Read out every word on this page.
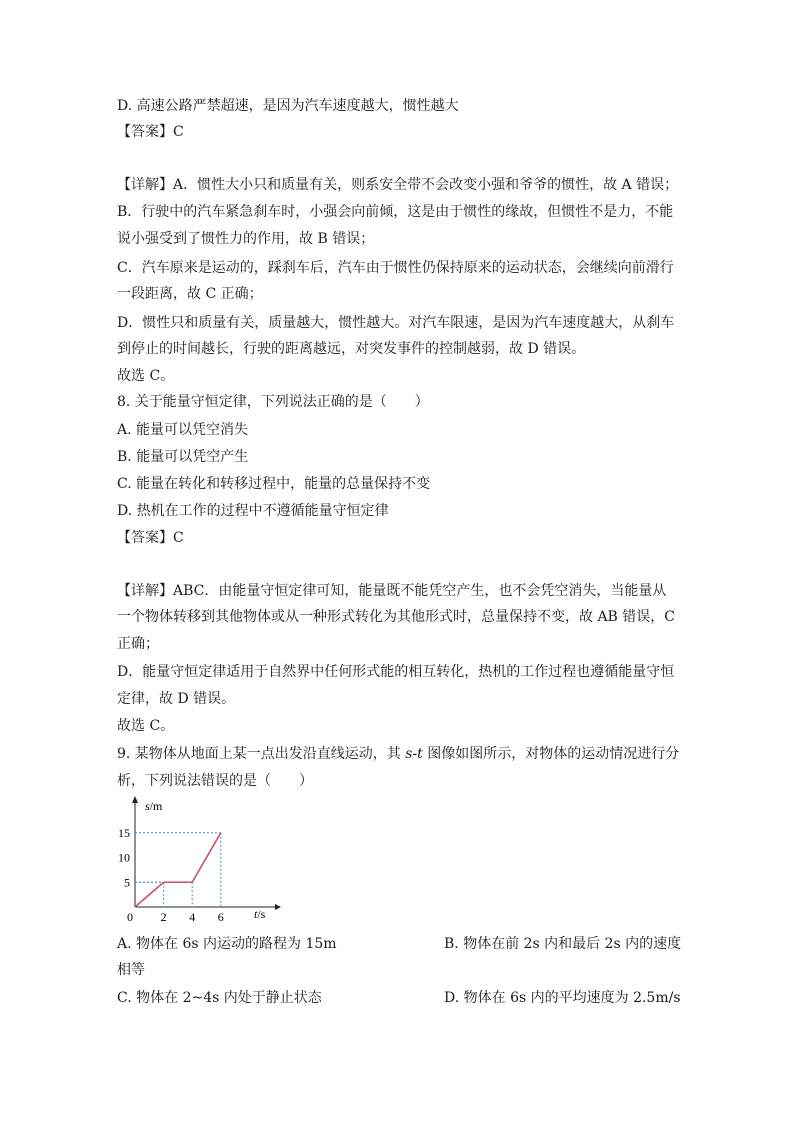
D. 高速公路严禁超速，是因为汽车速度越大，惯性越大
【答案】C
【详解】A．惯性大小只和质量有关，则系安全带不会改变小强和爷爷的惯性，故 A 错误；
B．行驶中的汽车紧急刹车时，小强会向前倾，这是由于惯性的缘故，但惯性不是力，不能
说小强受到了惯性力的作用，故 B 错误；
C．汽车原来是运动的，踩刹车后，汽车由于惯性仍保持原来的运动状态，会继续向前滑行
一段距离，故 C 正确；
D．惯性只和质量有关，质量越大，惯性越大。对汽车限速，是因为汽车速度越大，从刹车
到停止的时间越长，行驶的距离越远，对突发事件的控制越弱，故 D 错误。
故选 C。
8. 关于能量守恒定律，下列说法正确的是（　　）
A. 能量可以凭空消失
B. 能量可以凭空产生
C. 能量在转化和转移过程中，能量的总量保持不变
D. 热机在工作的过程中不遵循能量守恒定律
【答案】C
【详解】ABC．由能量守恒定律可知，能量既不能凭空产生，也不会凭空消失，当能量从
一个物体转移到其他物体或从一种形式转化为其他形式时，总量保持不变，故 AB 错误，C
正确；
D．能量守恒定律适用于自然界中任何形式能的相互转化，热机的工作过程也遵循能量守恒
定律，故 D 错误。
故选 C。
9. 某物体从地面上某一点出发沿直线运动，其 s-t 图像如图所示，对物体的运动情况进行分
析，下列说法错误的是（　　）
5
10
15
2 4 6
s/m
t/s
0
A. 物体在 6s 内运动的路程为 15m	B. 物体在前 2s 内和最后 2s 内的速度
相等
C. 物体在 2~4s 内处于静止状态	D. 物体在 6s 内的平均速度为 2.5m/s
